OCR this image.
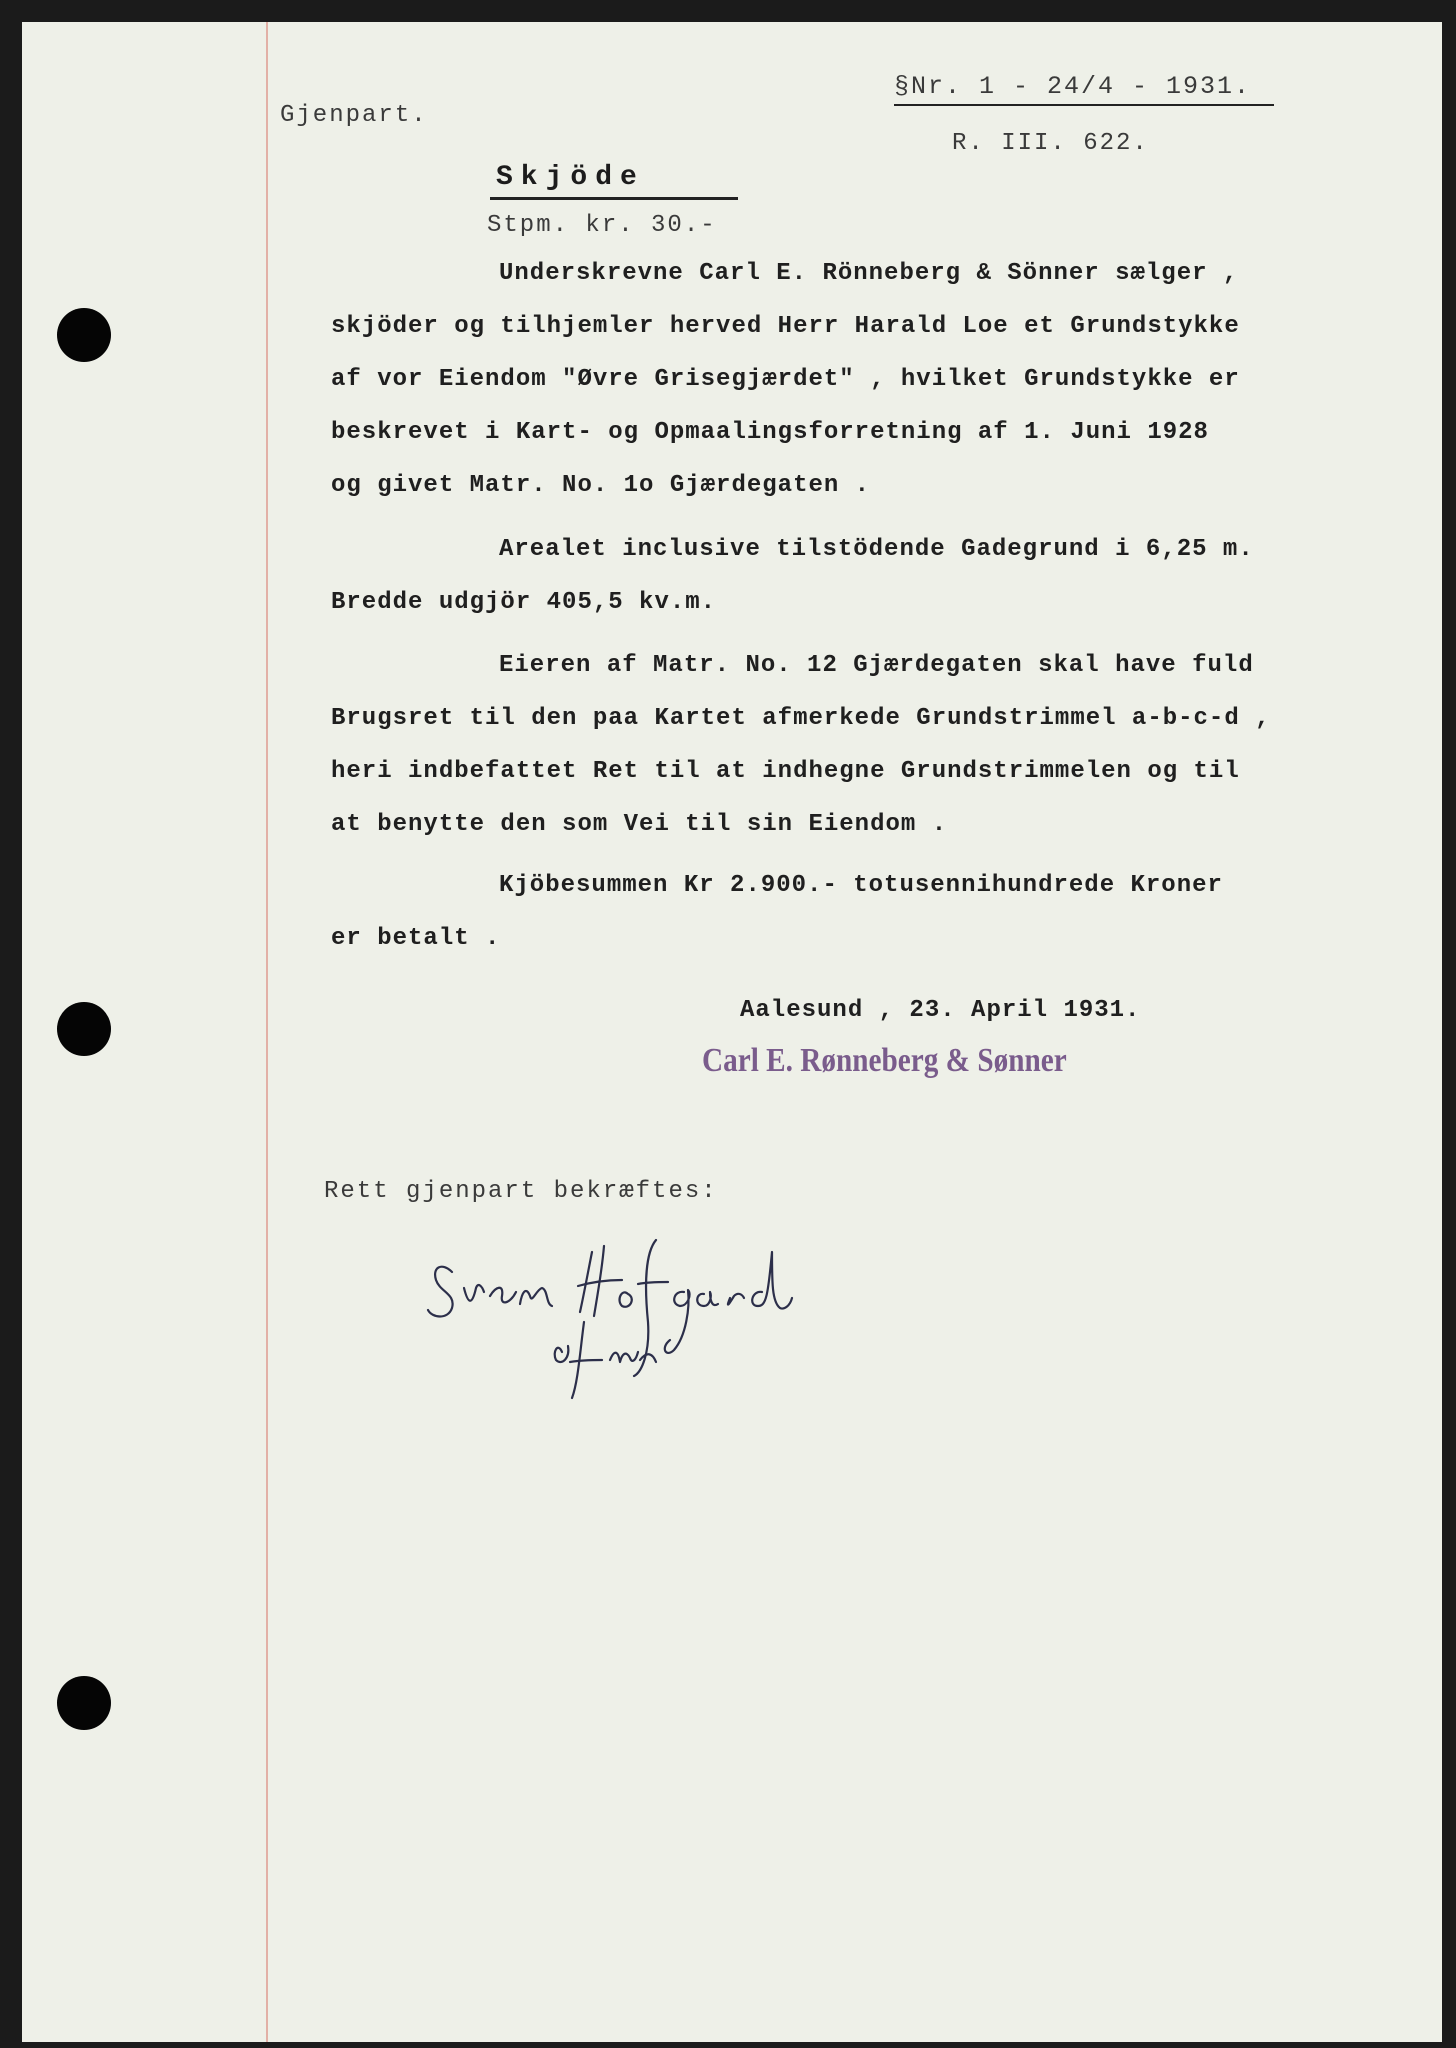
Gjenpart.
§Nr. 1 - 24/4 - 1931.
R. III. 622.
Skjöde
Stpm. kr. 30.-
Underskrevne Carl E. Rönneberg & Sönner sælger ,
skjöder og tilhjemler herved Herr Harald Loe et Grundstykke
af vor Eiendom "Øvre Grisegjærdet" , hvilket Grundstykke er
beskrevet i Kart- og Opmaalingsforretning af 1. Juni 1928
og givet Matr. No. 1o Gjærdegaten .
Arealet inclusive tilstödende Gadegrund i 6,25 m.
Bredde udgjör 405,5 kv.m.
Eieren af Matr. No. 12 Gjærdegaten skal have fuld
Brugsret til den paa Kartet afmerkede Grundstrimmel a-b-c-d ,
heri indbefattet Ret til at indhegne Grundstrimmelen og til
at benytte den som Vei til sin Eiendom .
Kjöbesummen Kr 2.900.- totusennihundrede Kroner
er betalt .
Aalesund , 23. April 1931.
Carl E. Rønneberg & Sønner
Rett gjenpart bekræftes:
